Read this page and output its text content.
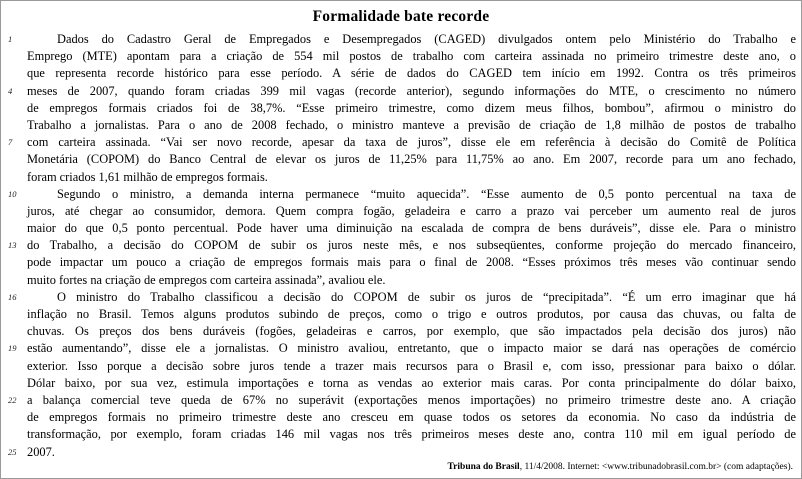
Formalidade bate recorde
1	Dados do Cadastro Geral de Empregados e Desempregados (CAGED) divulgados ontem pelo Ministério do Trabalho e
Emprego (MTE) apontam para a criação de 554 mil postos de trabalho com carteira assinada no primeiro trimestre deste ano, o
que representa recorde histórico para esse período. A série de dados do CAGED tem início em 1992. Contra os três primeiros
4	meses de 2007, quando foram criadas 399 mil vagas (recorde anterior), segundo informações do MTE, o crescimento no número
de empregos formais criados foi de 38,7%. “Esse primeiro trimestre, como dizem meus filhos, bombou”, afirmou o ministro do
Trabalho a jornalistas. Para o ano de 2008 fechado, o ministro manteve a previsão de criação de 1,8 milhão de postos de trabalho
7	com carteira assinada. “Vai ser novo recorde, apesar da taxa de juros”, disse ele em referência à decisão do Comitê de Política
Monetária (COPOM) do Banco Central de elevar os juros de 11,25% para 11,75% ao ano. Em 2007, recorde para um ano fechado,
foram criados 1,61 milhão de empregos formais.
10	Segundo o ministro, a demanda interna permanece “muito aquecida”. “Esse aumento de 0,5 ponto percentual na taxa de
juros, até chegar ao consumidor, demora. Quem compra fogão, geladeira e carro a prazo vai perceber um aumento real de juros
maior do que 0,5 ponto percentual. Pode haver uma diminuição na escalada de compra de bens duráveis”, disse ele. Para o ministro
13 do Trabalho, a decisão do COPOM de subir os juros neste mês, e nos subseqüentes, conforme projeção do mercado financeiro,
pode impactar um pouco a criação de empregos formais mais para o final de 2008. “Esses próximos três meses vão continuar sendo
muito fortes na criação de empregos com carteira assinada”, avaliou ele.
16	O ministro do Trabalho classificou a decisão do COPOM de subir os juros de “precipitada”. “É um erro imaginar que há
inflação no Brasil. Temos alguns produtos subindo de preços, como o trigo e outros produtos, por causa das chuvas, ou falta de
chuvas. Os preços dos bens duráveis (fogões, geladeiras e carros, por exemplo, que são impactados pela decisão dos juros) não
19 estão aumentando”, disse ele a jornalistas. O ministro avaliou, entretanto, que o impacto maior se dará nas operações de comércio
exterior. Isso porque a decisão sobre juros tende a trazer mais recursos para o Brasil e, com isso, pressionar para baixo o dólar.
Dólar baixo, por sua vez, estimula importações e torna as vendas ao exterior mais caras. Por conta principalmente do dólar baixo,
22 a balança comercial teve queda de 67% no superávit (exportações menos importações) no primeiro trimestre deste ano. A criação
de empregos formais no primeiro trimestre deste ano cresceu em quase todos os setores da economia. No caso da indústria de
transformação, por exemplo, foram criadas 146 mil vagas nos três primeiros meses deste ano, contra 110 mil em igual período de
25 2007.
Tribuna do Brasil, 11/4/2008. Internet: <www.tribunadobrasil.com.br> (com adaptações).
